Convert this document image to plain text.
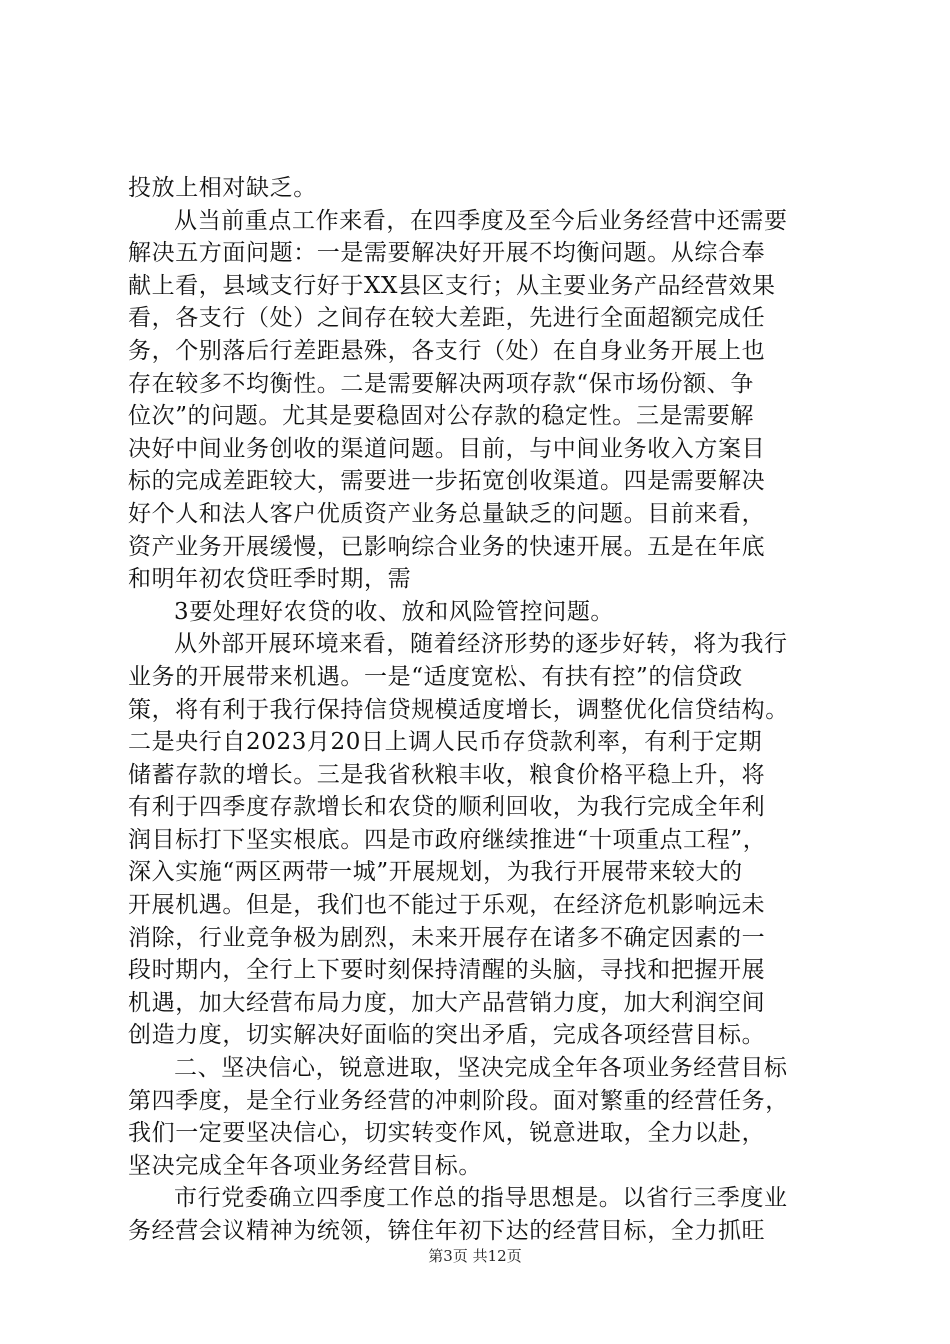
投放上相对缺乏。
从当前重点工作来看，在四季度及至今后业务经营中还需要
解决五方面问题：一是需要解决好开展不均衡问题。从综合奉
献上看，县域支行好于XX县区支行；从主要业务产品经营效果
看，各支行（处）之间存在较大差距，先进行全面超额完成任
务，个别落后行差距悬殊，各支行（处）在自身业务开展上也
存在较多不均衡性。二是需要解决两项存款“保市场份额、争
位次”的问题。尤其是要稳固对公存款的稳定性。三是需要解
决好中间业务创收的渠道问题。目前，与中间业务收入方案目
标的完成差距较大，需要进一步拓宽创收渠道。四是需要解决
好个人和法人客户优质资产业务总量缺乏的问题。目前来看，
资产业务开展缓慢，已影响综合业务的快速开展。五是在年底
和明年初农贷旺季时期，需
3要处理好农贷的收、放和风险管控问题。
从外部开展环境来看，随着经济形势的逐步好转，将为我行
业务的开展带来机遇。一是“适度宽松、有扶有控”的信贷政
策，将有利于我行保持信贷规模适度增长，调整优化信贷结构。
二是央行自2023月20日上调人民币存贷款利率，有利于定期
储蓄存款的增长。三是我省秋粮丰收，粮食价格平稳上升，将
有利于四季度存款增长和农贷的顺利回收，为我行完成全年利
润目标打下坚实根底。四是市政府继续推进“十项重点工程”，
深入实施“两区两带一城”开展规划，为我行开展带来较大的
开展机遇。但是，我们也不能过于乐观，在经济危机影响远未
消除，行业竞争极为剧烈，未来开展存在诸多不确定因素的一
段时期内，全行上下要时刻保持清醒的头脑，寻找和把握开展
机遇，加大经营布局力度，加大产品营销力度，加大利润空间
创造力度，切实解决好面临的突出矛盾，完成各项经营目标。
二、坚决信心，锐意进取，坚决完成全年各项业务经营目标
第四季度，是全行业务经营的冲刺阶段。面对繁重的经营任务，
我们一定要坚决信心，切实转变作风，锐意进取，全力以赴，
坚决完成全年各项业务经营目标。
市行党委确立四季度工作总的指导思想是。以省行三季度业
务经营会议精神为统领，锛住年初下达的经营目标，全力抓旺
第3页 共12页
